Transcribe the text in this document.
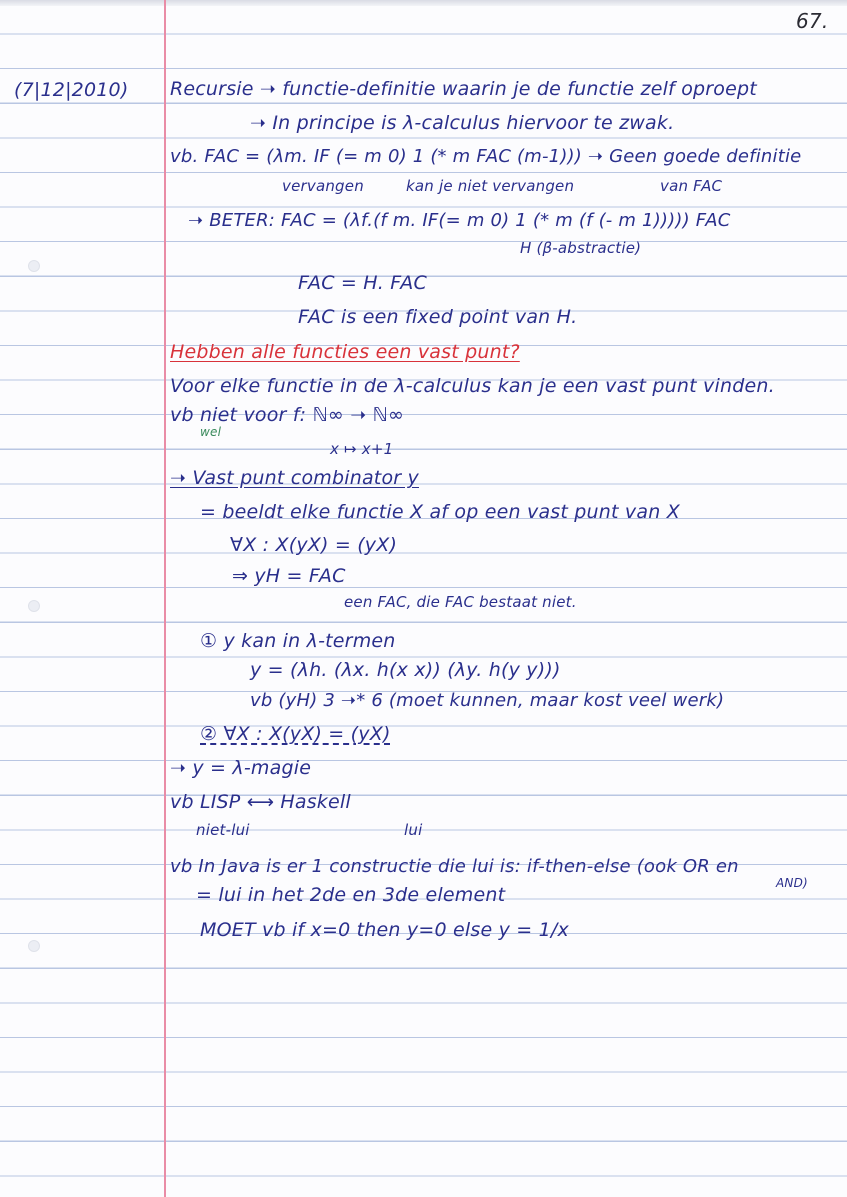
67.
(7|12|2010) Recursie ➝ functie-definitie waarin je de functie zelf oproept
➝ In principe is λ-calculus hiervoor te zwak.
vb. FAC = (λm. IF (= m 0) 1 (* m FAC (m-1))) ➝ Geen goede definitie
vervangen	kan je niet vervangen	van FAC
➝ BETER: FAC = (λf.(f m. IF(= m 0) 1 (* m (f (- m 1))))) FAC
H (β-abstractie)
FAC = H. FAC
FAC is een fixed point van H.
Hebben alle functies een vast punt?
Voor elke functie in de λ-calculus kan je een vast punt vinden.
vb niet voor f: ℕ∞ ➝ ℕ∞
wel
x ↦ x+1
➝ Vast punt combinator y
= beeldt elke functie X af op een vast punt van X
∀X : X(yX) = (yX)
⇒ yH = FAC
een FAC, die FAC bestaat niet.
① y kan in λ-termen
y = (λh. (λx. h(x x)) (λy. h(y y)))
vb (yH) 3 ➝* 6 (moet kunnen, maar kost veel werk)
② ∀X : X(yX) = (yX)
➝ y = λ-magie
vb LISP ⟷ Haskell
niet-lui	lui
vb In Java is er 1 constructie die lui is: if-then-else (ook OR en
AND)
= lui in het 2de en 3de element
MOET vb if x=0 then y=0 else y = 1/x
